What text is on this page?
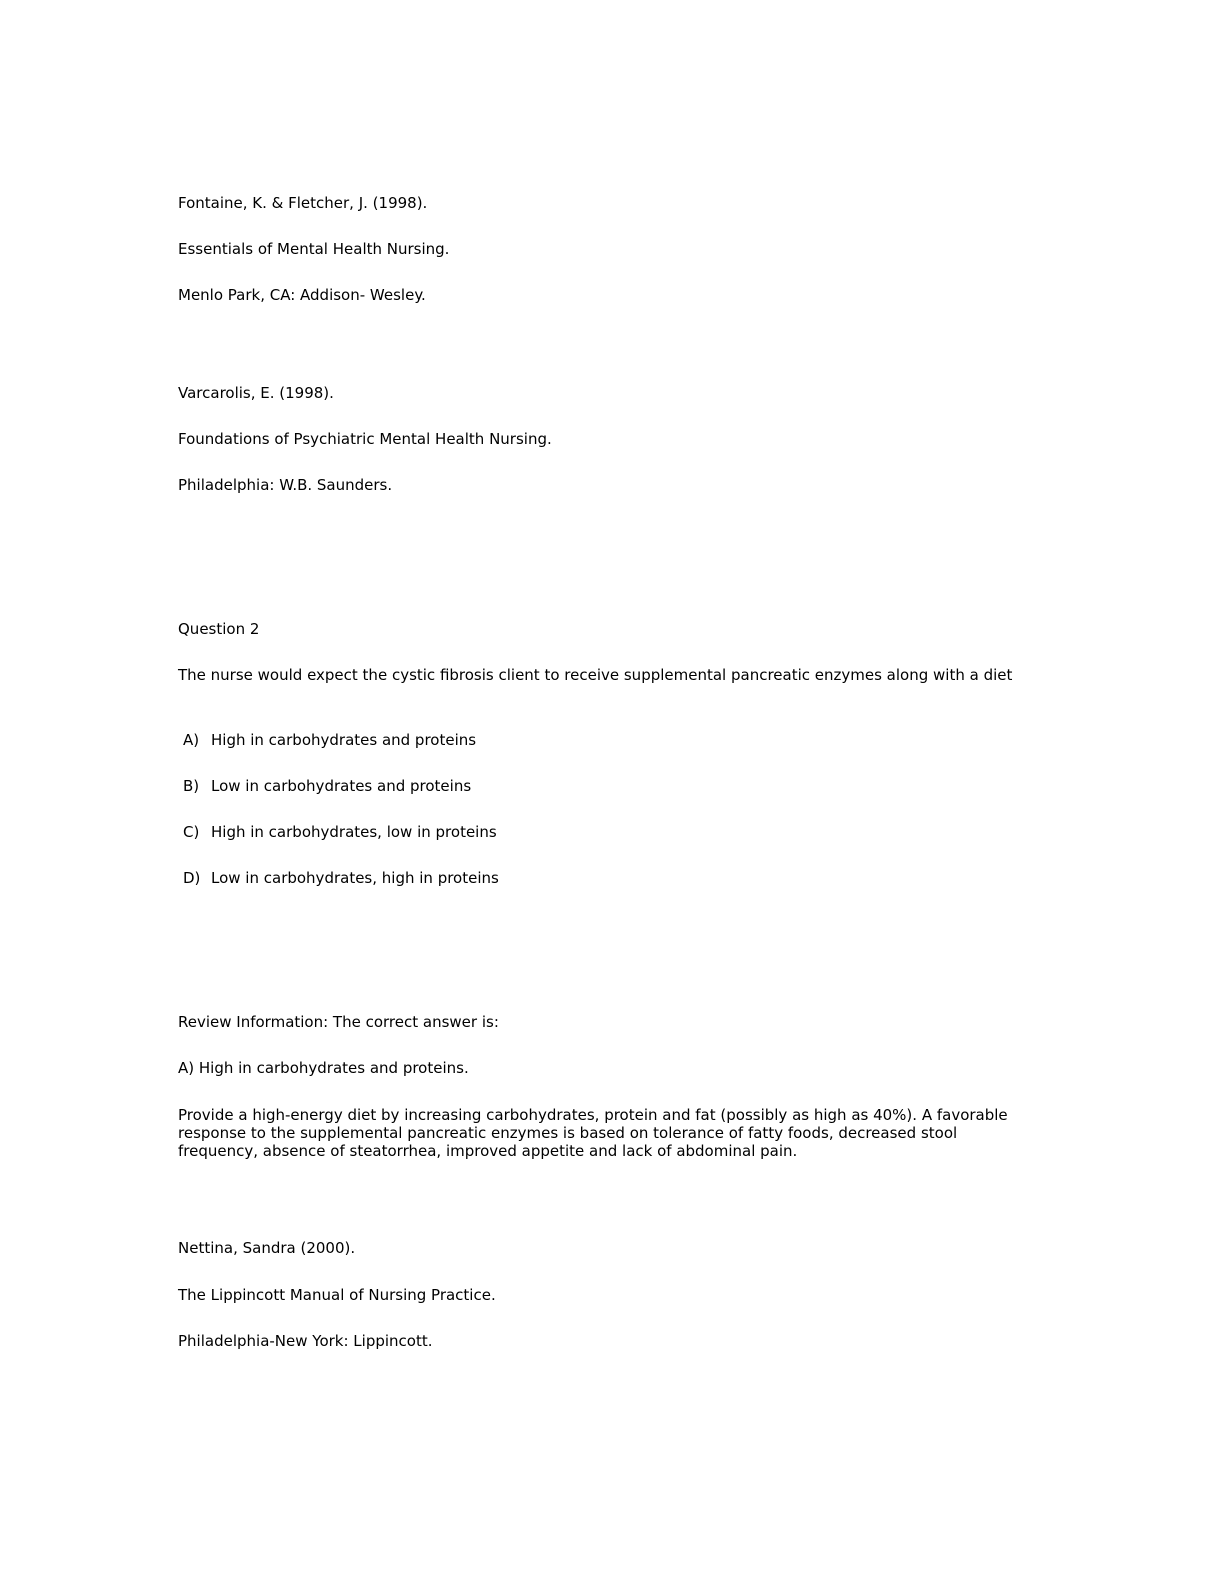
Fontaine, K. & Fletcher, J. (1998).

Essentials of Mental Health Nursing.

Menlo Park, CA: Addison- Wesley.

Varcarolis, E. (1998).

Foundations of Psychiatric Mental Health Nursing.

Philadelphia: W.B. Saunders.

Question 2

The nurse would expect the cystic fibrosis client to receive supplemental pancreatic enzymes along with a diet

A) High in carbohydrates and proteins

B) Low in carbohydrates and proteins

C) High in carbohydrates, low in proteins

D) Low in carbohydrates, high in proteins

Review Information: The correct answer is:

A) High in carbohydrates and proteins.

Provide a high-energy diet by increasing carbohydrates, protein and fat (possibly as high as 40%). A favorable response to the supplemental pancreatic enzymes is based on tolerance of fatty foods, decreased stool frequency, absence of steatorrhea, improved appetite and lack of abdominal pain.

Nettina, Sandra (2000).

The Lippincott Manual of Nursing Practice.

Philadelphia-New York: Lippincott.
